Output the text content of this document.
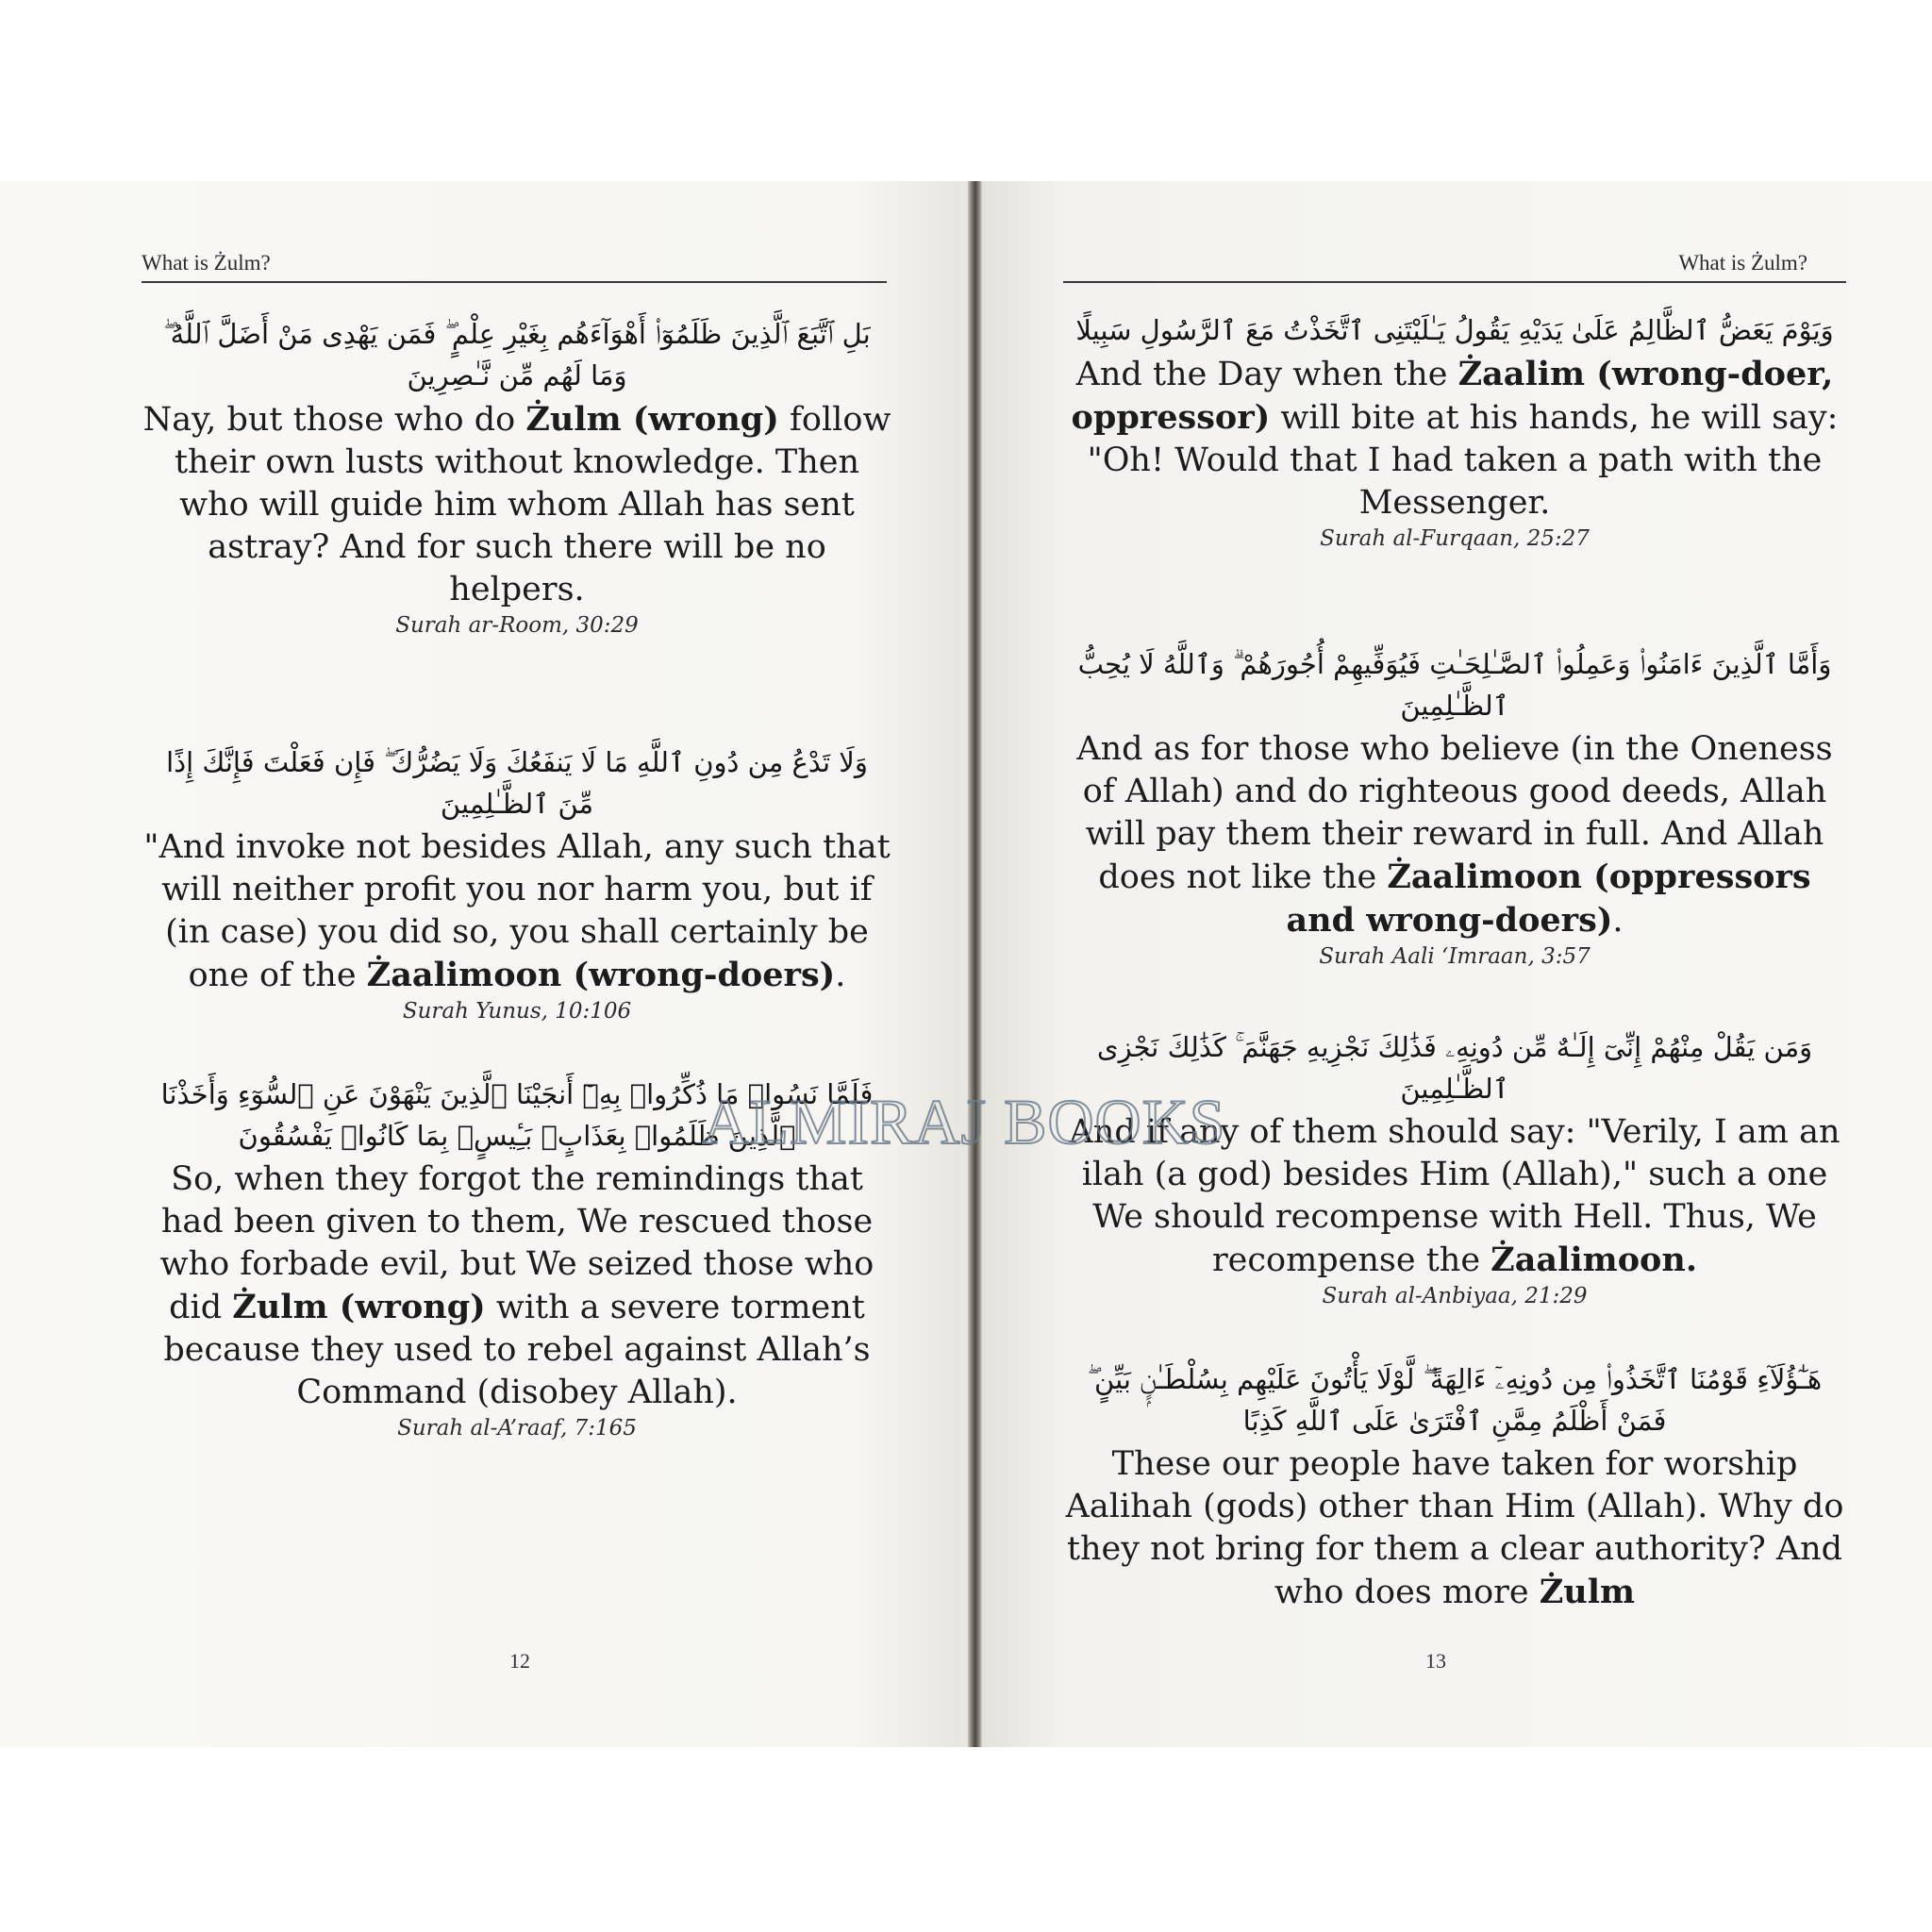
What is Żulm?
بَلِ ٱتَّبَعَ ٱلَّذِينَ ظَلَمُوٓا۟ أَهْوَآءَهُم بِغَيْرِ عِلْمٍ ۖ فَمَن يَهْدِى مَنْ أَضَلَّ ٱللَّهُ ۖ وَمَا لَهُم مِّن نَّـٰصِرِينَ
Nay, but those who do Żulm (wrong) follow their own lusts without knowledge. Then who will guide him whom Allah has sent astray? And for such there will be no helpers.
Surah ar-Room, 30:29
وَلَا تَدْعُ مِن دُونِ ٱللَّهِ مَا لَا يَنفَعُكَ وَلَا يَضُرُّكَ ۖ فَإِن فَعَلْتَ فَإِنَّكَ إِذًا مِّنَ ٱلظَّـٰلِمِينَ
"And invoke not besides Allah, any such that will neither profit you nor harm you, but if (in case) you did so, you shall certainly be one of the Żaalimoon (wrong-doers).
Surah Yunus, 10:106
فَلَمَّا نَسُوا۟ مَا ذُكِّرُوا۟ بِهِۦٓ أَنجَيْنَا ٱلَّذِينَ يَنْهَوْنَ عَنِ ٱلسُّوٓءِ وَأَخَذْنَا ٱلَّذِينَ ظَلَمُوا۟ بِعَذَابٍۭ بَـِٔيسٍۭ بِمَا كَانُوا۟ يَفْسُقُونَ
So, when they forgot the remindings that had been given to them, We rescued those who forbade evil, but We seized those who did Żulm (wrong) with a severe torment because they used to rebel against Allah’s Command (disobey Allah).
Surah al-A’raaf, 7:165
12
What is Żulm?
وَيَوْمَ يَعَضُّ ٱلظَّالِمُ عَلَىٰ يَدَيْهِ يَقُولُ يَـٰلَيْتَنِى ٱتَّخَذْتُ مَعَ ٱلرَّسُولِ سَبِيلًا
And the Day when the Żaalim (wrong-doer, oppressor) will bite at his hands, he will say: "Oh! Would that I had taken a path with the Messenger.
Surah al-Furqaan, 25:27
وَأَمَّا ٱلَّذِينَ ءَامَنُوا۟ وَعَمِلُوا۟ ٱلصَّـٰلِحَـٰتِ فَيُوَفِّيهِمْ أُجُورَهُمْ ۗ وَٱللَّهُ لَا يُحِبُّ ٱلظَّـٰلِمِينَ
And as for those who believe (in the Oneness of Allah) and do righteous good deeds, Allah will pay them their reward in full. And Allah does not like the Żaalimoon (oppressors and wrong-doers).
Surah Aali ‘Imraan, 3:57
وَمَن يَقُلْ مِنْهُمْ إِنِّىٓ إِلَـٰهٌ مِّن دُونِهِۦ فَذَٰلِكَ نَجْزِيهِ جَهَنَّمَ ۚ كَذَٰلِكَ نَجْزِى ٱلظَّـٰلِمِينَ
And if any of them should say: "Verily, I am an ilah (a god) besides Him (Allah)," such a one We should recompense with Hell. Thus, We recompense the Żaalimoon.
Surah al-Anbiyaa, 21:29
هَـٰٓؤُلَآءِ قَوْمُنَا ٱتَّخَذُوا۟ مِن دُونِهِۦٓ ءَالِهَةً ۖ لَّوْلَا يَأْتُونَ عَلَيْهِم بِسُلْطَـٰنٍۭ بَيِّنٍ ۖ فَمَنْ أَظْلَمُ مِمَّنِ ٱفْتَرَىٰ عَلَى ٱللَّهِ كَذِبًا
These our people have taken for worship Aalihah (gods) other than Him (Allah). Why do they not bring for them a clear authority? And who does more Żulm
13
ALMIRAJ BOOKS
